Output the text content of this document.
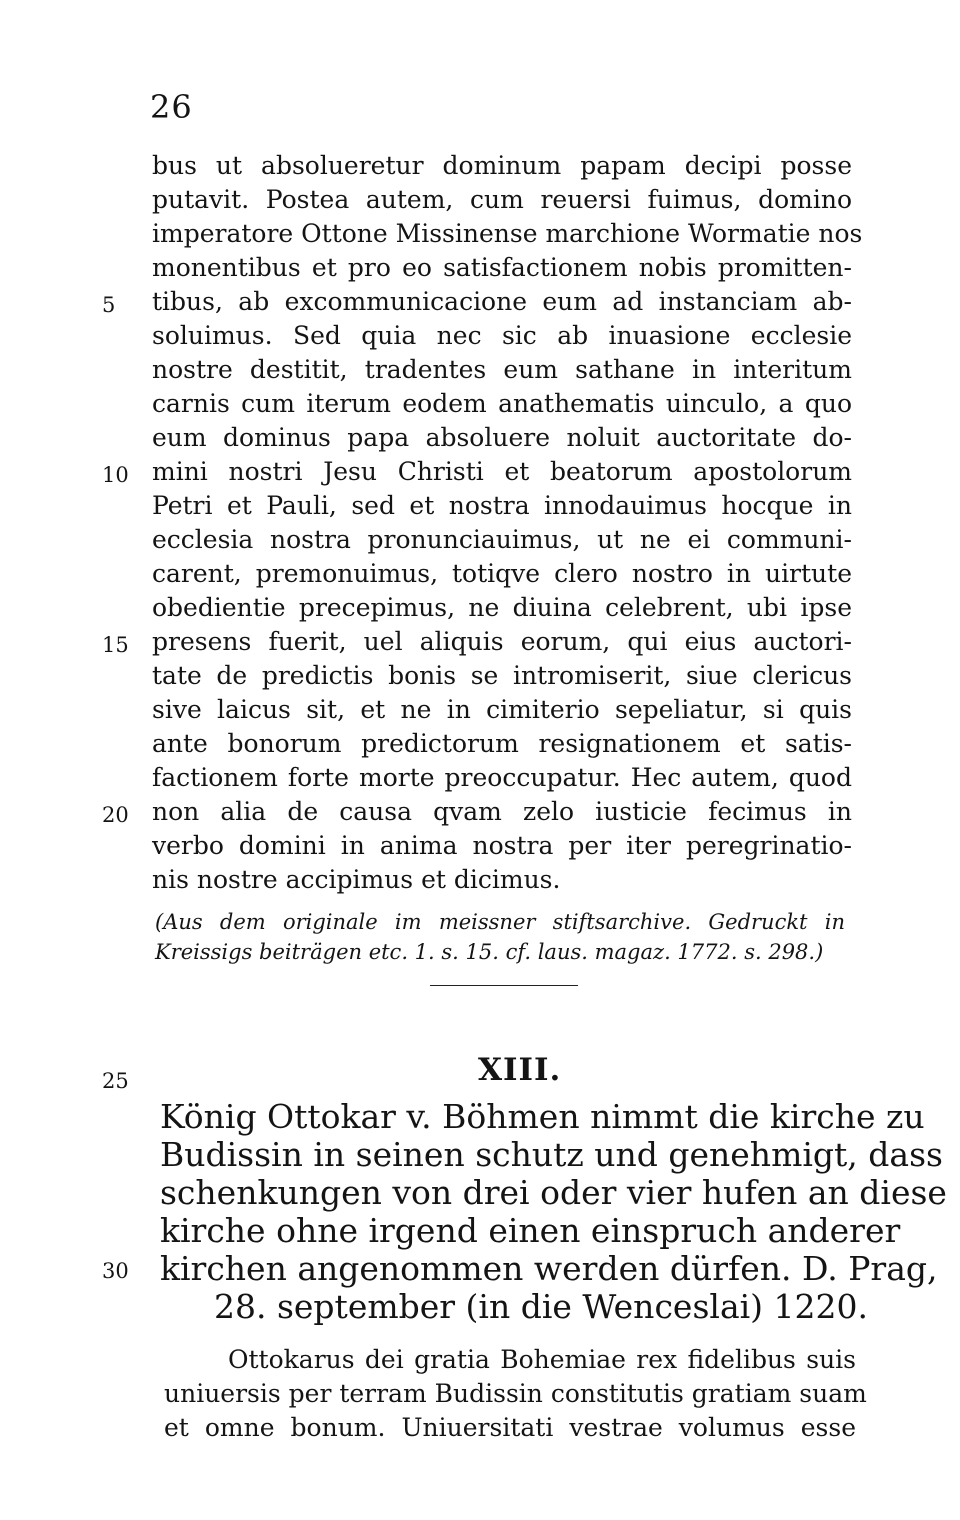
26
bus ut absolueretur dominum papam decipi posse
putavit. Postea autem, cum reuersi fuimus, domino
imperatore Ottone Missinense marchione Wormatie nos
monentibus et pro eo satisfactionem nobis promitten-
tibus, ab excommunicacione eum ad instanciam ab-
soluimus. Sed quia nec sic ab inuasione ecclesie
nostre destitit, tradentes eum sathane in interitum
carnis cum iterum eodem anathematis uinculo, a quo
eum dominus papa absoluere noluit auctoritate do-
mini nostri Jesu Christi et beatorum apostolorum
Petri et Pauli, sed et nostra innodauimus hocque in
ecclesia nostra pronunciauimus, ut ne ei communi-
carent, premonuimus, totiqve clero nostro in uirtute
obedientie precepimus, ne diuina celebrent, ubi ipse
presens fuerit, uel aliquis eorum, qui eius auctori-
tate de predictis bonis se intromiserit, siue clericus
sive laicus sit, et ne in cimiterio sepeliatur, si quis
ante bonorum predictorum resignationem et satis-
factionem forte morte preoccupatur. Hec autem, quod
non alia de causa qvam zelo iusticie fecimus in
verbo domini in anima nostra per iter peregrinatio-
nis nostre accipimus et dicimus.
5
10
15
20
(Aus dem originale im meissner stiftsarchive. Gedruckt in
Kreissigs beiträgen etc. 1. s. 15. cf. laus. magaz. 1772. s. 298.)
XIII.
25
König Ottokar v. Böhmen nimmt die kirche zu
Budissin in seinen schutz und genehmigt, dass
schenkungen von drei oder vier hufen an diese
kirche ohne irgend einen einspruch anderer
kirchen angenommen werden dürfen. D. Prag,
28. september (in die Wenceslai) 1220.
30
Ottokarus dei gratia Bohemiae rex fidelibus suis
uniuersis per terram Budissin constitutis gratiam suam
et omne bonum. Uniuersitati vestrae volumus esse
